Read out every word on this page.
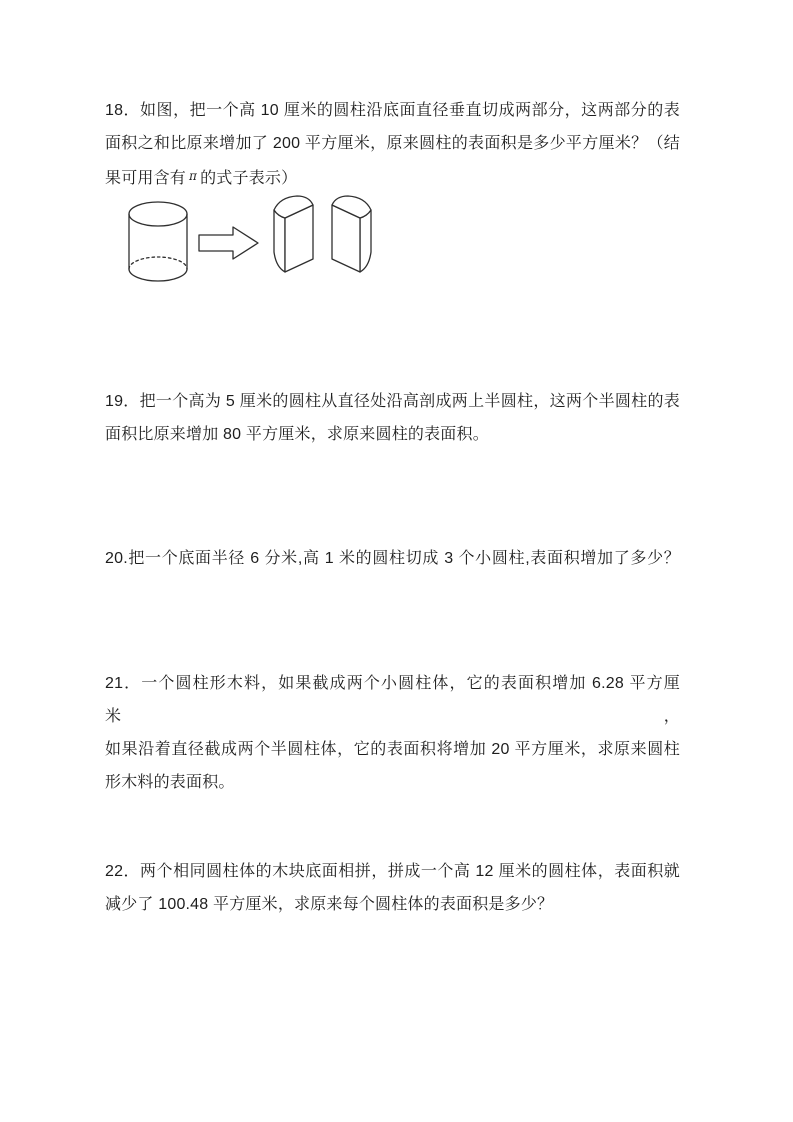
18．如图，把一个高 10 厘米的圆柱沿底面直径垂直切成两部分，这两部分的表
面积之和比原来增加了 200 平方厘米，原来圆柱的表面积是多少平方厘米？（结
果可用含有 π 的式子表示）
19．把一个高为 5 厘米的圆柱从直径处沿高剖成两上半圆柱，这两个半圆柱的表
面积比原来增加 80 平方厘米，求原来圆柱的表面积。
20.把一个底面半径 6 分米,高 1 米的圆柱切成 3 个小圆柱,表面积增加了多少？
21．一个圆柱形木料，如果截成两个小圆柱体，它的表面积增加 6.28 平方厘米，
如果沿着直径截成两个半圆柱体，它的表面积将增加 20 平方厘米，求原来圆柱
形木料的表面积。
22．两个相同圆柱体的木块底面相拼，拼成一个高 12 厘米的圆柱体，表面积就
减少了 100.48 平方厘米，求原来每个圆柱体的表面积是多少？
